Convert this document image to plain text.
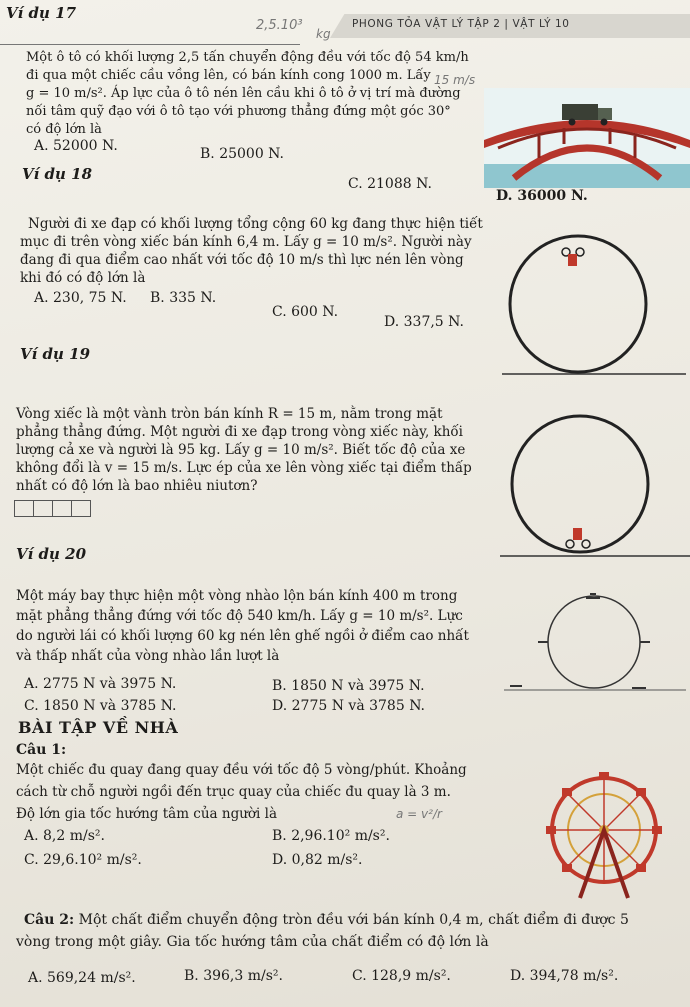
Ví dụ 17
PHONG TỎA VẬT LÝ TẬP 2 | VẬT LÝ 10
2,5.10³
kg
15 m/s
Một ô tô có khối lượng 2,5 tấn chuyển động đều với tốc độ 54 km/h
đi qua một chiếc cầu vồng lên, có bán kính cong 1000 m. Lấy
g = 10 m/s². Áp lực của ô tô nén lên cầu khi ô tô ở vị trí mà đường
nối tâm quỹ đạo với ô tô tạo với phương thẳng đứng một góc 30°
có độ lớn là
A. 52000 N.	B. 25000 N.
C. 21088 N.
D. 36000 N.
Ví dụ 18
Người đi xe đạp có khối lượng tổng cộng 60 kg đang thực hiện tiết
mục đi trên vòng xiếc bán kính 6,4 m. Lấy g = 10 m/s². Người này
đang đi qua điểm cao nhất với tốc độ 10 m/s thì lực nén lên vòng
khi đó có độ lớn là
A. 230, 75 N. B. 335 N.
C. 600 N.
D. 337,5 N.
Ví dụ 19
Vòng xiếc là một vành tròn bán kính R = 15 m, nằm trong mặt
phẳng thẳng đứng. Một người đi xe đạp trong vòng xiếc này, khối
lượng cả xe và người là 95 kg. Lấy g = 10 m/s². Biết tốc độ của xe
không đổi là v = 15 m/s. Lực ép của xe lên vòng xiếc tại điểm thấp
nhất có độ lớn là bao nhiêu niutơn?
Ví dụ 20
Một máy bay thực hiện một vòng nhào lộn bán kính 400 m trong
mặt phẳng thẳng đứng với tốc độ 540 km/h. Lấy g = 10 m/s². Lực
do người lái có khối lượng 60 kg nén lên ghế ngồi ở điểm cao nhất
và thấp nhất của vòng nhào lần lượt là
A. 2775 N và 3975 N.	B. 1850 N và 3975 N.
C. 1850 N và 3785 N.	D. 2775 N và 3785 N.
BÀI TẬP VỀ NHÀ
Câu 1:
Một chiếc đu quay đang quay đều với tốc độ 5 vòng/phút. Khoảng
cách từ chỗ người ngồi đến trục quay của chiếc đu quay là 3 m.
Độ lớn gia tốc hướng tâm của người là	a = v²/r
A. 8,2 m/s².	B. 2,96.10² m/s².
C. 29,6.10² m/s².	D. 0,82 m/s².
Câu 2: Một chất điểm chuyển động tròn đều với bán kính 0,4 m, chất điểm đi được 5
vòng trong một giây. Gia tốc hướng tâm của chất điểm có độ lớn là
A. 569,24 m/s².	B. 396,3 m/s².	C. 128,9 m/s².	D. 394,78 m/s².
